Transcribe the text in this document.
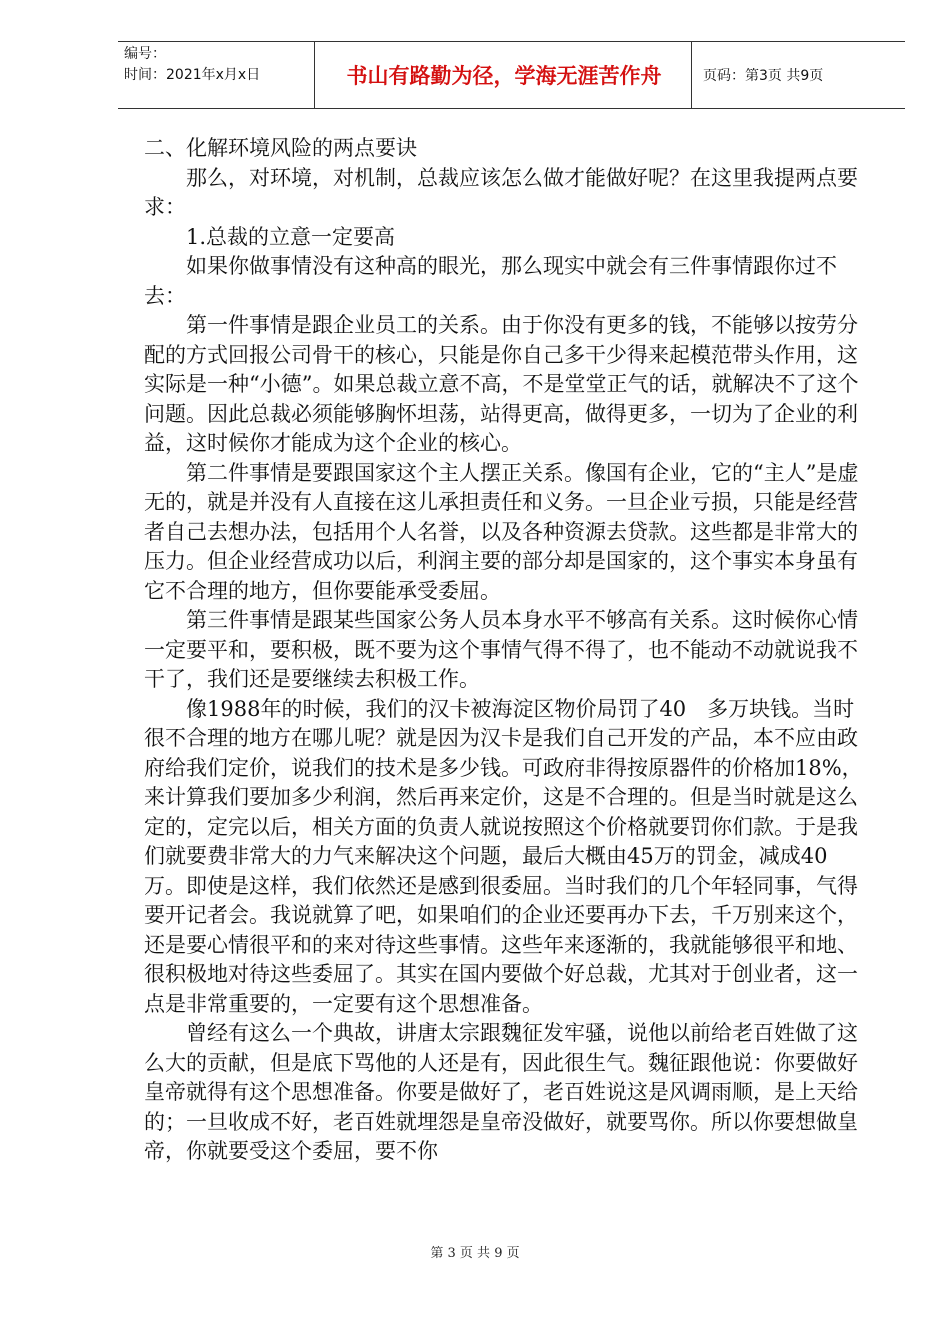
编号：
时间：2021年x月x日	书山有路勤为径，学海无涯苦作舟	页码：第3页 共9页

二、化解环境风险的两点要诀

那么，对环境，对机制，总裁应该怎么做才能做好呢？在这里我提两点要求：

1.总裁的立意一定要高

如果你做事情没有这种高的眼光，那么现实中就会有三件事情跟你过不去：

第一件事情是跟企业员工的关系。由于你没有更多的钱，不能够以按劳分配的方式回报公司骨干的核心，只能是你自己多干少得来起模范带头作用，这实际是一种“小德”。如果总裁立意不高，不是堂堂正气的话，就解决不了这个问题。因此总裁必须能够胸怀坦荡，站得更高，做得更多，一切为了企业的利益，这时候你才能成为这个企业的核心。

第二件事情是要跟国家这个主人摆正关系。像国有企业，它的“主人”是虚无的，就是并没有人直接在这儿承担责任和义务。一旦企业亏损，只能是经营者自己去想办法，包括用个人名誉，以及各种资源去贷款。这些都是非常大的压力。但企业经营成功以后，利润主要的部分却是国家的，这个事实本身虽有它不合理的地方，但你要能承受委屈。

第三件事情是跟某些国家公务人员本身水平不够高有关系。这时候你心情一定要平和，要积极，既不要为这个事情气得不得了，也不能动不动就说我不干了，我们还是要继续去积极工作。

像1988年的时候，我们的汉卡被海淀区物价局罚了40　多万块钱。当时很不合理的地方在哪儿呢？就是因为汉卡是我们自己开发的产品，本不应由政府给我们定价，说我们的技术是多少钱。可政府非得按原器件的价格加18%，来计算我们要加多少利润，然后再来定价，这是不合理的。但是当时就是这么定的，定完以后，相关方面的负责人就说按照这个价格就要罚你们款。于是我们就要费非常大的力气来解决这个问题，最后大概由45万的罚金，减成40万。即使是这样，我们依然还是感到很委屈。当时我们的几个年轻同事，气得要开记者会。我说就算了吧，如果咱们的企业还要再办下去，千万别来这个，还是要心情很平和的来对待这些事情。这些年来逐渐的，我就能够很平和地、很积极地对待这些委屈了。其实在国内要做个好总裁，尤其对于创业者，这一点是非常重要的，一定要有这个思想准备。

曾经有这么一个典故，讲唐太宗跟魏征发牢骚，说他以前给老百姓做了这么大的贡献，但是底下骂他的人还是有，因此很生气。魏征跟他说：你要做好皇帝就得有这个思想准备。你要是做好了，老百姓说这是风调雨顺，是上天给的；一旦收成不好，老百姓就埋怨是皇帝没做好，就要骂你。所以你要想做皇帝，你就要受这个委屈，要不你

第 3 页 共 9 页
